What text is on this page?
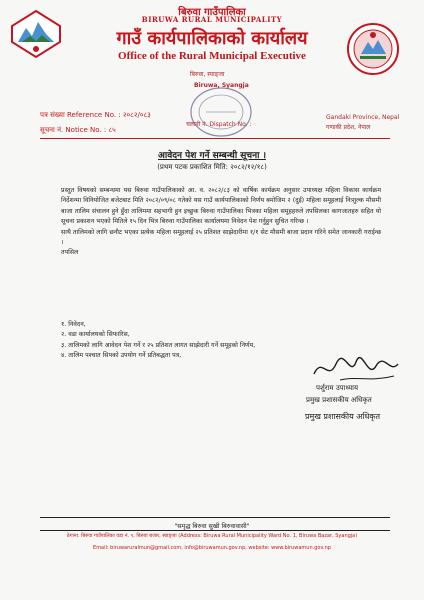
बिरुवा गाउँपालिका
BIRUWA RURAL MUNICIPALITY
गाउँ कार्यपालिकाको कार्यालय
Office of the Rural Municipal Executive
बिरुवा, स्याङ्जा
Biruwa, Syangja
Gandaki Province, Nepal
गण्डकी प्रदेश, नेपाल
पत्र संख्या Reference No. : २०८२/०८३
सूचना नं. Notice No. : ८५
चलानी नं. Dispatch No. :
आवेदन पेश गर्ने सम्बन्धी सूचना ।
(प्रथम पटक प्रकाशित मिति: २०८२/१२/१८)

प्रस्तुत विषयको सम्बन्धमा यस बिरुवा गाउँपालिकाको आ. व. २०८२/८३ को वार्षिक कार्यक्रम अनुसार उपाध्यक्ष महिला विकास कार्यक्रम निर्देशन्मा विनियोजित बजेटबाट मिति २०८२/०९/०८ गतेको यस गाउँ कार्यपालिकाको निर्णय बमोजिम २ (दुई) महिला समूहलाई निःशुल्क मौसमी बाजा तालिम संचालन हुने हुँदा तालिममा सहभागी हुन इच्छुक बिरुवा गाउँपालिका भित्रका महिला समूहहरुले तपसिलका कागजातहरु सहित यो सूचना प्रकाशन भएको मितिले १५ दिन भित्र बिरुवा गाउँपालिका कार्यालयमा निवेदन पेश गर्नुहुन सुचित गरिन्छ ।

साथै तालिमको लागि छनौट भएका प्रत्येक महिला समूहलाई २५ प्रतिशत साझेदारीमा १/१ सेट मौसमी बाजा प्रदान गरिने समेत जानकारी गराईन्छ ।

तपसिल

१. निवेदन,
२. वडा कार्यालयको सिफारिस,
३. तालिमको लागि आवेदन पेश गर्ने र २५ प्रतिशत लागत साझेदारी गर्ने समूहको निर्णय,
४. तालिम पश्चात सिपको उपयोग गर्ने प्रतिबद्धता पत्र,
पर्शुराम उपाध्याय
प्रमुख प्रशासकीय अधिकृत
प्रमुख प्रशासकीय अधिकृत
"समृद्ध बिरुवा सुखी बिरुवावासी"
ठेगाना: बिरुवा गाउँपालिका वडा नं. १, बिरुवा बजार, स्याङ्जा (Address: Biruwa Rural Municipality Ward No. 1, Biruwa Bazar, Syangja)
Email: biruwaruralmun@gmail.com, info@biruwamun.gov.np, website: www.biruwamun.gov.np
